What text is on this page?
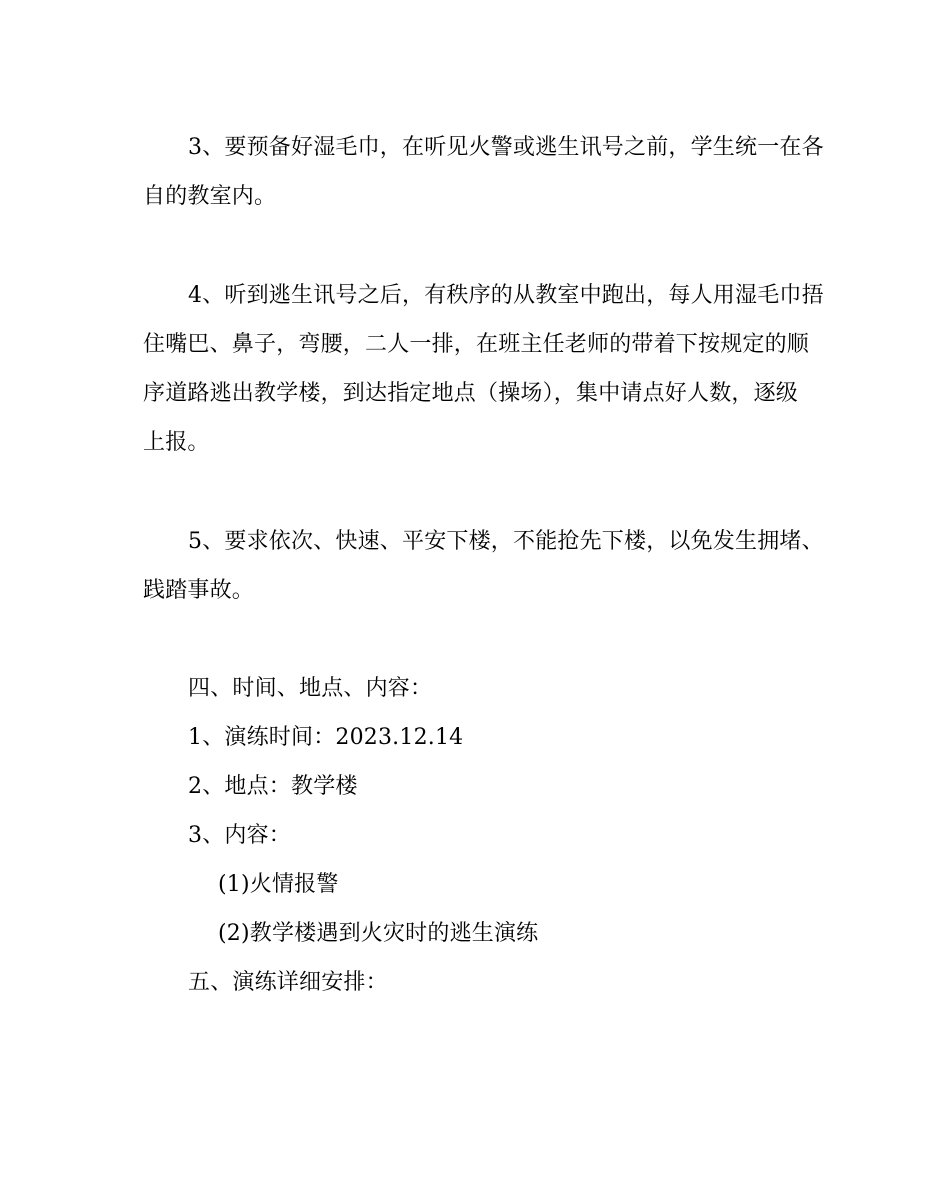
3、要预备好湿毛巾，在听见火警或逃生讯号之前，学生统一在各
自的教室内。
4、听到逃生讯号之后，有秩序的从教室中跑出，每人用湿毛巾捂
住嘴巴、鼻子，弯腰，二人一排，在班主任老师的带着下按规定的顺
序道路逃出教学楼，到达指定地点（操场），集中请点好人数，逐级
上报。
5、要求依次、快速、平安下楼，不能抢先下楼，以免发生拥堵、
践踏事故。
四、时间、地点、内容：
1、演练时间：2023.12.14
2、地点：教学楼
3、内容：
(1)火情报警
(2)教学楼遇到火灾时的逃生演练
五、演练详细安排：
